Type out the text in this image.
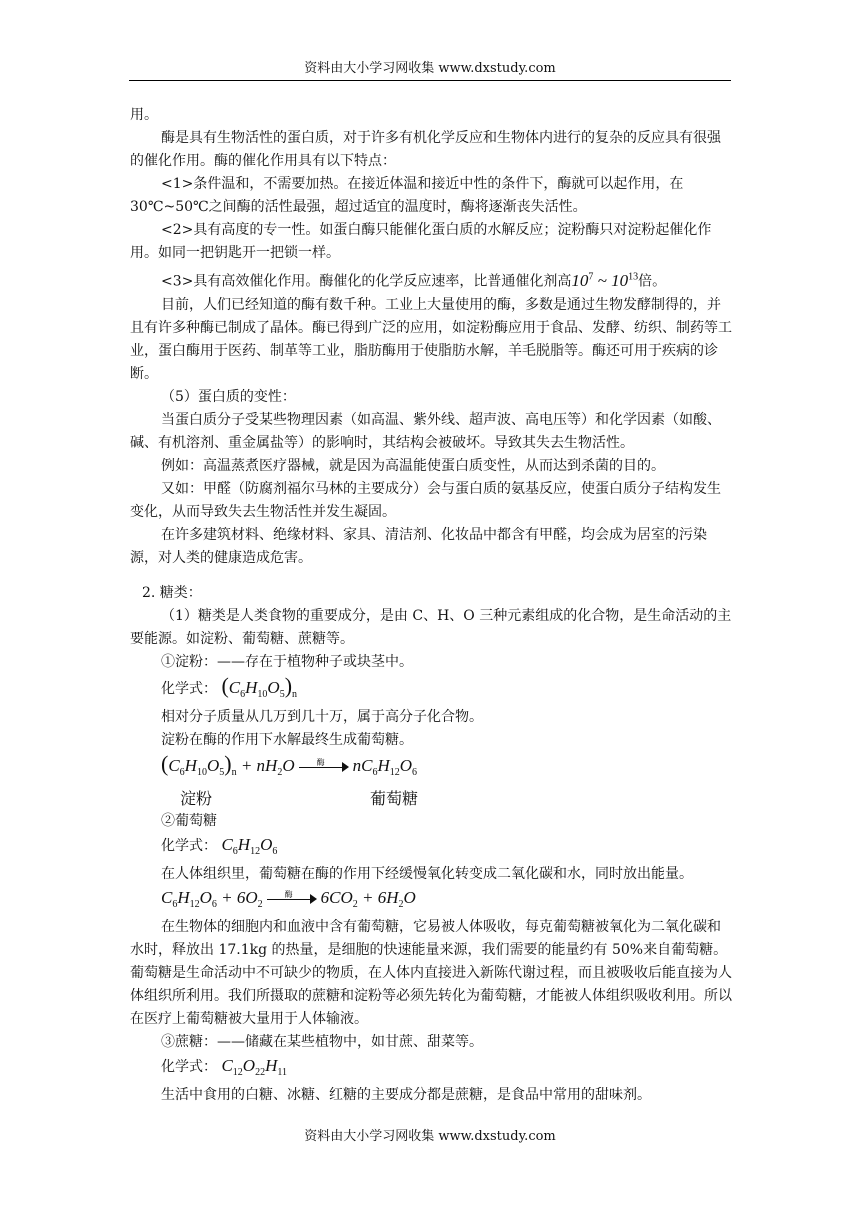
资料由大小学习网收集 www.dxstudy.com

用。

酶是具有生物活性的蛋白质，对于许多有机化学反应和生物体内进行的复杂的反应具有很强的催化作用。酶的催化作用具有以下特点：

<1>条件温和，不需要加热。在接近体温和接近中性的条件下，酶就可以起作用，在 30℃~50℃之间酶的活性最强，超过适宜的温度时，酶将逐渐丧失活性。

<2>具有高度的专一性。如蛋白酶只能催化蛋白质的水解反应；淀粉酶只对淀粉起催化作用。如同一把钥匙开一把锁一样。

<3>具有高效催化作用。酶催化的化学反应速率，比普通催化剂高$10^7$ ~ $10^{13}$倍。

目前，人们已经知道的酶有数千种。工业上大量使用的酶，多数是通过生物发酵制得的，并且有许多种酶已制成了晶体。酶已得到广泛的应用，如淀粉酶应用于食品、发酵、纺织、制药等工业，蛋白酶用于医药、制革等工业，脂肪酶用于使脂肪水解，羊毛脱脂等。酶还可用于疾病的诊断。

（5）蛋白质的变性：

当蛋白质分子受某些物理因素（如高温、紫外线、超声波、高电压等）和化学因素（如酸、碱、有机溶剂、重金属盐等）的影响时，其结构会被破坏。导致其失去生物活性。

例如：高温蒸煮医疗器械，就是因为高温能使蛋白质变性，从而达到杀菌的目的。

又如：甲醛（防腐剂福尔马林的主要成分）会与蛋白质的氨基反应，使蛋白质分子结构发生变化，从而导致失去生物活性并发生凝固。

在许多建筑材料、绝缘材料、家具、清洁剂、化妆品中都含有甲醛，均会成为居室的污染源，对人类的健康造成危害。

2. 糖类：

（1）糖类是人类食物的重要成分，是由 C、H、O 三种元素组成的化合物，是生命活动的主要能源。如淀粉、葡萄糖、蔗糖等。

①淀粉：——存在于植物种子或块茎中。

化学式： $(C_6H_{10}O_5)_n$

相对分子质量从几万到几十万，属于高分子化合物。

淀粉在酶的作用下水解最终生成葡萄糖。

$(C_6H_{10}O_5)_n + nH_2O$	酶	$nC_6H_{12}O_6$

淀粉	葡萄糖

②葡萄糖

化学式： $C_6H_{12}O_6$

在人体组织里，葡萄糖在酶的作用下经缓慢氧化转变成二氧化碳和水，同时放出能量。

$C_6H_{12}O_6 + 6O_2$
酶	$6CO_2 + 6H_2O$

在生物体的细胞内和血液中含有葡萄糖，它易被人体吸收，每克葡萄糖被氧化为二氧化碳和水时，释放出 17.1kg 的热量，是细胞的快速能量来源，我们需要的能量约有 50%来自葡萄糖。葡萄糖是生命活动中不可缺少的物质，在人体内直接进入新陈代谢过程，而且被吸收后能直接为人体组织所利用。我们所摄取的蔗糖和淀粉等必须先转化为葡萄糖，才能被人体组织吸收利用。所以在医疗上葡萄糖被大量用于人体输液。

③蔗糖：——储藏在某些植物中，如甘蔗、甜菜等。

化学式： $C_{12}O_{22}H_{11}$

生活中食用的白糖、冰糖、红糖的主要成分都是蔗糖，是食品中常用的甜味剂。

资料由大小学习网收集 www.dxstudy.com
